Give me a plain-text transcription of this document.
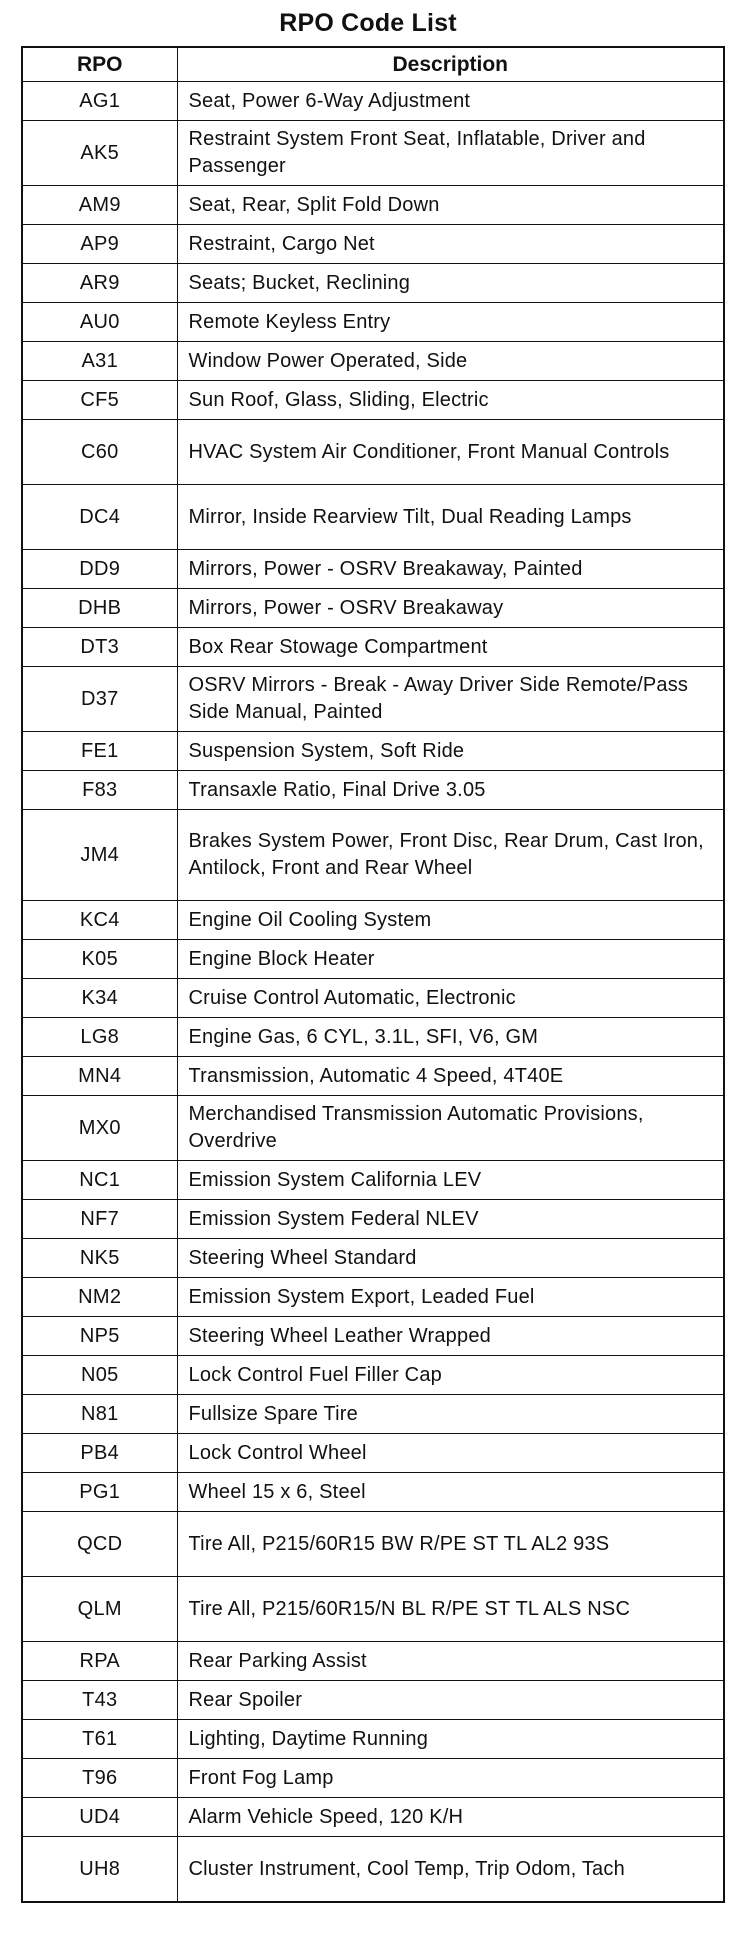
RPO Code List
RPO	Description
AG1	Seat, Power 6-Way Adjustment
AK5	Restraint System Front Seat, Inflatable, Driver and Passenger
AM9	Seat, Rear, Split Fold Down
AP9	Restraint, Cargo Net
AR9	Seats; Bucket, Reclining
AU0	Remote Keyless Entry
A31	Window Power Operated, Side
CF5	Sun Roof, Glass, Sliding, Electric
C60	HVAC System Air Conditioner, Front Manual Controls
DC4	Mirror, Inside Rearview Tilt, Dual Reading Lamps
DD9	Mirrors, Power - OSRV Breakaway, Painted
DHB	Mirrors, Power - OSRV Breakaway
DT3	Box Rear Stowage Compartment
D37	OSRV Mirrors - Break - Away Driver Side Remote/Pass Side Manual, Painted
FE1	Suspension System, Soft Ride
F83	Transaxle Ratio, Final Drive 3.05
JM4	Brakes System Power, Front Disc, Rear Drum, Cast Iron, Antilock, Front and Rear Wheel
KC4	Engine Oil Cooling System
K05	Engine Block Heater
K34	Cruise Control Automatic, Electronic
LG8	Engine Gas, 6 CYL, 3.1L, SFI, V6, GM
MN4	Transmission, Automatic 4 Speed, 4T40E
MX0	Merchandised Transmission Automatic Provisions, Overdrive
NC1	Emission System California LEV
NF7	Emission System Federal NLEV
NK5	Steering Wheel Standard
NM2	Emission System Export, Leaded Fuel
NP5	Steering Wheel Leather Wrapped
N05	Lock Control Fuel Filler Cap
N81	Fullsize Spare Tire
PB4	Lock Control Wheel
PG1	Wheel 15 x 6, Steel
QCD	Tire All, P215/60R15 BW R/PE ST TL AL2 93S
QLM	Tire All, P215/60R15/N BL R/PE ST TL ALS NSC
RPA	Rear Parking Assist
T43	Rear Spoiler
T61	Lighting, Daytime Running
T96	Front Fog Lamp
UD4	Alarm Vehicle Speed, 120 K/H
UH8	Cluster Instrument, Cool Temp, Trip Odom, Tach
